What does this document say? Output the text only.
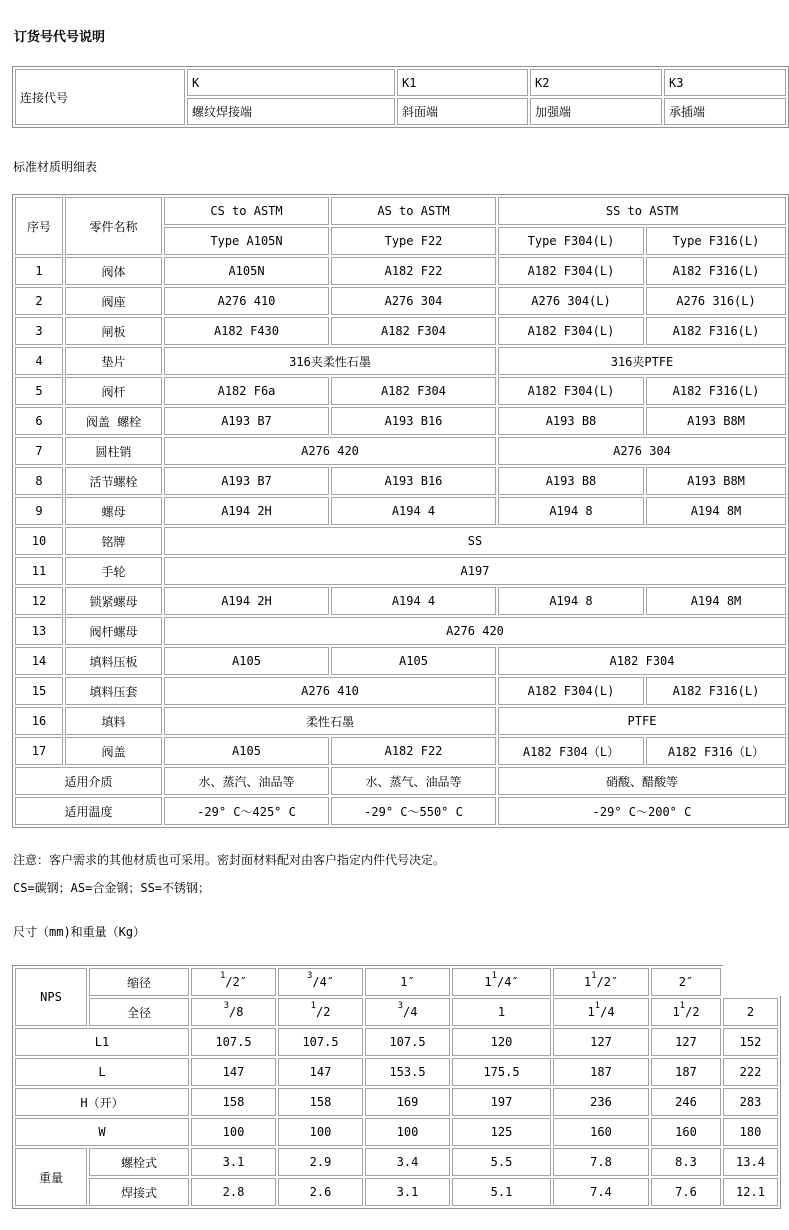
订货号代号说明
连接代号	K	K1	K2	K3
	螺纹焊接端	斜面端	加强端	承插端
标准材质明细表
序号	零件名称	CS to ASTM	AS to ASTM	SS to ASTM	
		Type A105N	Type F22	Type F304(L)	Type F316(L)
1	阀体	A105N	A182 F22	A182 F304(L)	A182 F316(L)
2	阀座	A276 410	A276 304	A276 304(L)	A276 316(L)
3	闸板	A182 F430	A182 F304	A182 F304(L)	A182 F316(L)
4	垫片	316夹柔性石墨		316夹PTFE	
5	阀杆	A182 F6a	A182 F304	A182 F304(L)	A182 F316(L)
6	阀盖 螺栓	A193 B7	A193 B16	A193 B8	A193 B8M
7	圆柱销	A276 420		A276 304	
8	活节螺栓	A193 B7	A193 B16	A193 B8	A193 B8M
9	螺母	A194 2H	A194 4	A194 8	A194 8M
10	铭牌	SS			
11	手轮	A197			
12	锁紧螺母	A194 2H	A194 4	A194 8	A194 8M
13	阀杆螺母	A276 420			
14	填料压板	A105	A105	A182 F304	
15	填料压套	A276 410		A182 F304(L)	A182 F316(L)
16	填料	柔性石墨		PTFE	
17	阀盖	A105	A182 F22	A182 F304（L）	A182 F316（L）
适用介质		水、蒸汽、油品等	水、蒸气、油品等	硝酸、醋酸等	
适用温度		-29° C～425° C	-29° C～550° C	-29° C～200° C	
注意：客户需求的其他材质也可采用。密封面材料配对由客户指定内件代号决定。
CS=碳钢；AS=合金钢；SS=不锈钢；
尺寸（mm)和重量（Kg）
NPS	缩径	$^1$/2″	$^3$/4″	1″	$1^1/4''$	$1^1/2''$	2″	
	全径	$^3$/8	$^1$/2	$^3$/4	1	$1^1/4$	$1^1/2$	2
L1		107.5	107.5	107.5	120	127	127	152
L		147	147	153.5	175.5	187	187	222
H（开）		158	158	169	197	236	246	283
W		100	100	100	125	160	160	180
重量	螺栓式	3.1	2.9	3.4	5.5	7.8	8.3	13.4
	焊接式	2.8	2.6	3.1	5.1	7.4	7.6	12.1
